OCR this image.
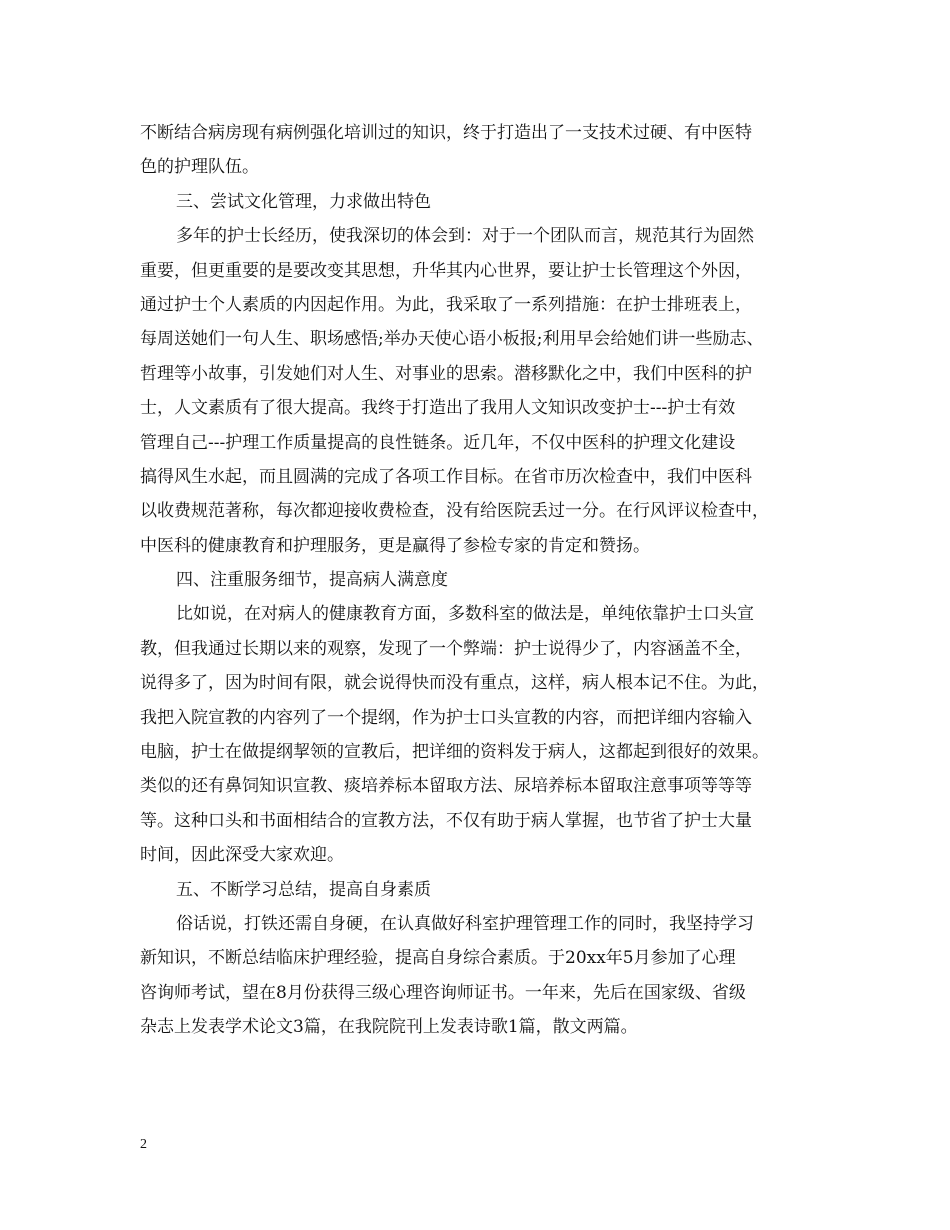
不断结合病房现有病例强化培训过的知识，终于打造出了一支技术过硬、有中医特
色的护理队伍。
三、尝试文化管理，力求做出特色
多年的护士长经历，使我深切的体会到：对于一个团队而言，规范其行为固然
重要，但更重要的是要改变其思想，升华其内心世界，要让护士长管理这个外因，
通过护士个人素质的内因起作用。为此，我采取了一系列措施：在护士排班表上，
每周送她们一句人生、职场感悟;举办天使心语小板报;利用早会给她们讲一些励志、
哲理等小故事，引发她们对人生、对事业的思索。潜移默化之中，我们中医科的护
士，人文素质有了很大提高。我终于打造出了我用人文知识改变护士---护士有效
管理自己---护理工作质量提高的良性链条。近几年，不仅中医科的护理文化建设
搞得风生水起，而且圆满的完成了各项工作目标。在省市历次检查中，我们中医科
以收费规范著称，每次都迎接收费检查，没有给医院丢过一分。在行风评议检查中，
中医科的健康教育和护理服务，更是赢得了参检专家的肯定和赞扬。
四、注重服务细节，提高病人满意度
比如说，在对病人的健康教育方面，多数科室的做法是，单纯依靠护士口头宣
教，但我通过长期以来的观察，发现了一个弊端：护士说得少了，内容涵盖不全，
说得多了，因为时间有限，就会说得快而没有重点，这样，病人根本记不住。为此，
我把入院宣教的内容列了一个提纲，作为护士口头宣教的内容，而把详细内容输入
电脑，护士在做提纲挈领的宣教后，把详细的资料发于病人，这都起到很好的效果。
类似的还有鼻饲知识宣教、痰培养标本留取方法、尿培养标本留取注意事项等等等
等。这种口头和书面相结合的宣教方法，不仅有助于病人掌握，也节省了护士大量
时间，因此深受大家欢迎。
五、不断学习总结，提高自身素质
俗话说，打铁还需自身硬，在认真做好科室护理管理工作的同时，我坚持学习
新知识，不断总结临床护理经验，提高自身综合素质。于20xx年5月参加了心理
咨询师考试，望在8月份获得三级心理咨询师证书。一年来，先后在国家级、省级
杂志上发表学术论文3篇，在我院院刊上发表诗歌1篇，散文两篇。
2
